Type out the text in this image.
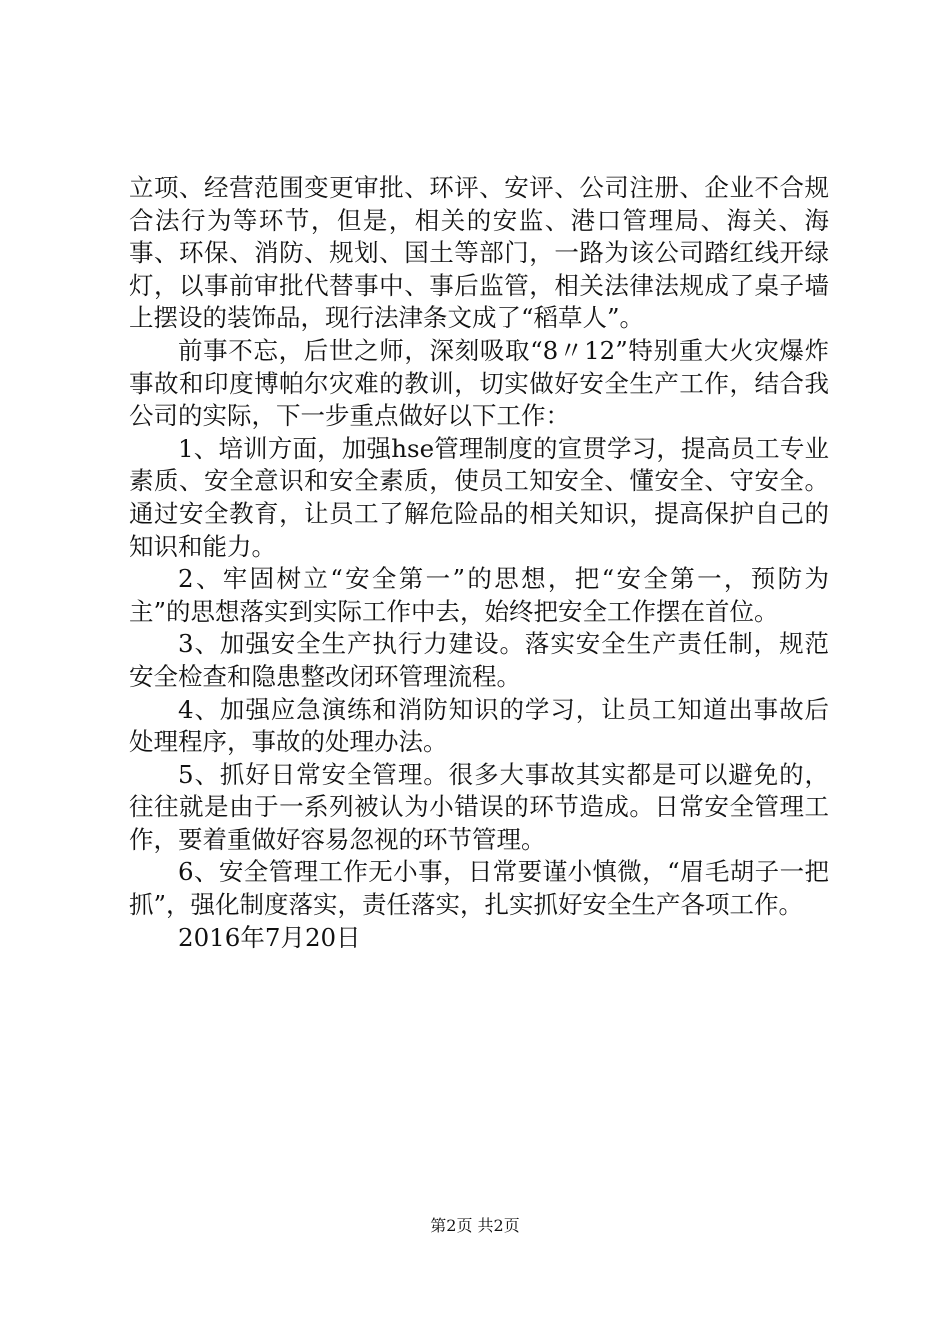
立项、经营范围变更审批、环评、安评、公司注册、企业不合规合法行为等环节，但是，相关的安监、港口管理局、海关、海事、环保、消防、规划、国土等部门，一路为该公司踏红线开绿灯，以事前审批代替事中、事后监管，相关法律法规成了桌子墙上摆设的装饰品，现行法津条文成了“稻草人”。

前事不忘，后世之师，深刻吸取“8〃12”特别重大火灾爆炸事故和印度博帕尔灾难的教训，切实做好安全生产工作，结合我公司的实际，下一步重点做好以下工作：

1、培训方面，加强hse管理制度的宣贯学习，提高员工专业素质、安全意识和安全素质，使员工知安全、懂安全、守安全。通过安全教育，让员工了解危险品的相关知识，提高保护自己的知识和能力。

2、牢固树立“安全第一”的思想，把“安全第一，预防为主”的思想落实到实际工作中去，始终把安全工作摆在首位。

3、加强安全生产执行力建设。落实安全生产责任制，规范安全检查和隐患整改闭环管理流程。

4、加强应急演练和消防知识的学习，让员工知道出事故后处理程序，事故的处理办法。

5、抓好日常安全管理。很多大事故其实都是可以避免的，往往就是由于一系列被认为小错误的环节造成。日常安全管理工作，要着重做好容易忽视的环节管理。

6、安全管理工作无小事，日常要谨小慎微，“眉毛胡子一把抓”，强化制度落实，责任落实，扎实抓好安全生产各项工作。

2016年7月20日

第2页 共2页
